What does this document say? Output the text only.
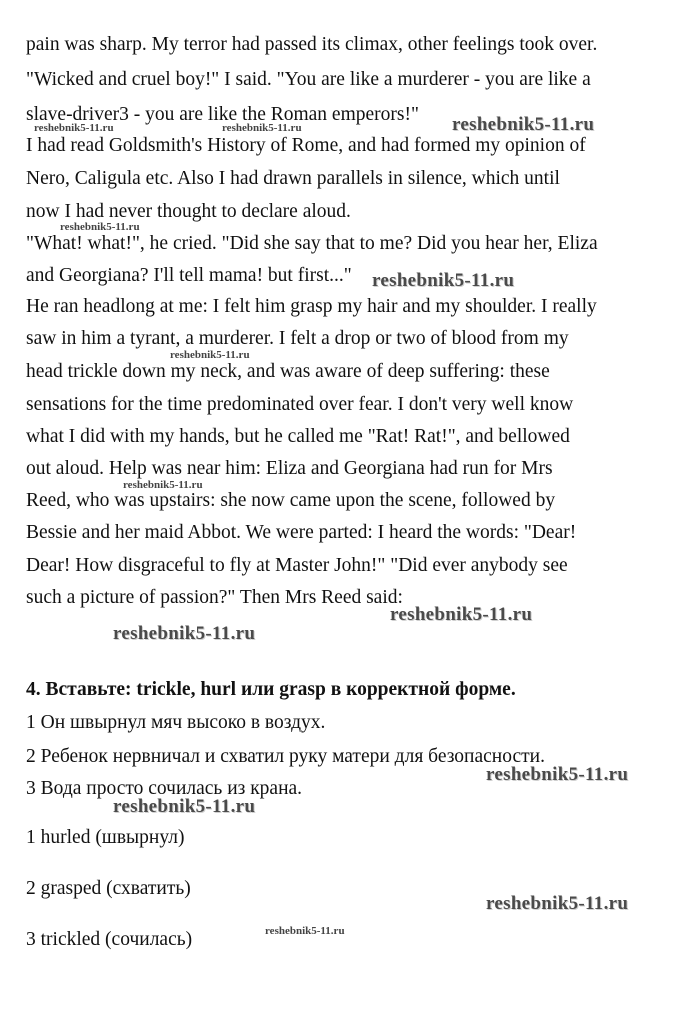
pain was sharp. My terror had passed its climax, other feelings took over.
"Wicked and cruel boy!" I said. "You are like a murderer - you are like a
slave-driver3 - you are like the Roman emperors!"
I had read Goldsmith's History of Rome, and had formed my opinion of
Nero, Caligula etc. Also I had drawn parallels in silence, which until
now I had never thought to declare aloud.
"What! what!", he cried. "Did she say that to me? Did you hear her, Eliza
and Georgiana? I'll tell mama! but first..."
He ran headlong at me: I felt him grasp my hair and my shoulder. I really
saw in him a tyrant, a murderer. I felt a drop or two of blood from my
head trickle down my neck, and was aware of deep suffering: these
sensations for the time predominated over fear. I don't very well know
what I did with my hands, but he called me "Rat! Rat!", and bellowed
out aloud. Help was near him: Eliza and Georgiana had run for Mrs
Reed, who was upstairs: she now came upon the scene, followed by
Bessie and her maid Abbot. We were parted: I heard the words: "Dear!
Dear! How disgraceful to fly at Master John!" "Did ever anybody see
such a picture of passion?" Then Mrs Reed said:
4. Вставьте: trickle, hurl или grasp в корректной форме.
1 Он швырнул мяч высоко в воздух.
2 Ребенок нервничал и схватил руку матери для безопасности.
3 Вода просто сочилась из крана.
1 hurled (швырнул)
2 grasped (схватить)
3 trickled (сочилась)
reshebnik5-11.ru	reshebnik5-11.ru	reshebnik5-11.ru
reshebnik5-11.ru
reshebnik5-11.ru
reshebnik5-11.ru
reshebnik5-11.ru
reshebnik5-11.ru
reshebnik5-11.ru
reshebnik5-11.ru
reshebnik5-11.ru
reshebnik5-11.ru
reshebnik5-11.ru
